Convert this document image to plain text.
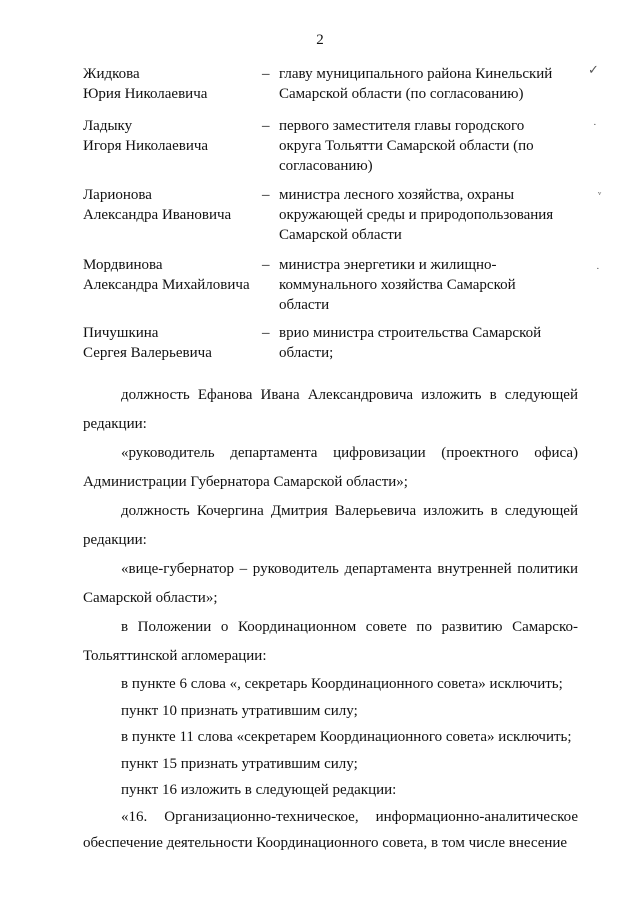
2
Жидкова
Юрия Николаевича
– главу муниципального района Кинельский
Самарской области (по согласованию)
Ладыку
Игоря Николаевича
– первого заместителя главы городского
округа Тольятти Самарской области (по
согласованию)
Ларионова
Александра Ивановича
– министра лесного хозяйства, охраны
окружающей среды и природопользования
Самарской области
Мордвинова
Александра Михайловича
– министра энергетики и жилищно-
коммунального хозяйства Самарской
области
Пичушкина
Сергея Валерьевича
– врио министра строительства Самарской
области;
✓
·
ᵥ
·

должность Ефанова Ивана Александровича изложить в следующей редакции:

«руководитель департамента цифровизации (проектного офиса) Администрации Губернатора Самарской области»;

должность Кочергина Дмитрия Валерьевича изложить в следующей редакции:

«вице-губернатор – руководитель департамента внутренней политики Самарской области»;

в Положении о Координационном совете по развитию Самарско-Тольяттинской агломерации:

в пункте 6 слова «, секретарь Координационного совета» исключить;

пункт 10 признать утратившим силу;

в пункте 11 слова «секретарем Координационного совета» исключить;

пункт 15 признать утратившим силу;

пункт 16 изложить в следующей редакции:

«16. Организационно-техническое, информационно-аналитическое обеспечение деятельности Координационного совета, в том числе внесение
